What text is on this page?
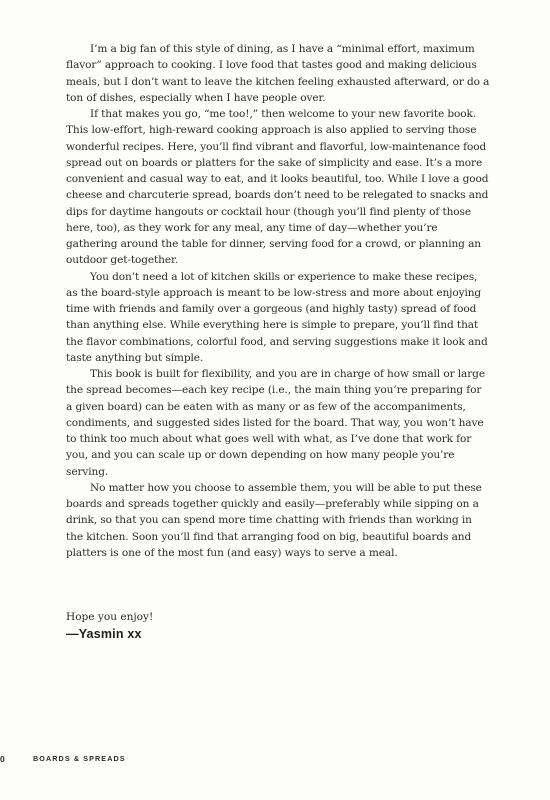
I’m a big fan of this style of dining, as I have a “minimal effort, maximum flavor” approach to cooking. I love food that tastes good and making delicious meals, but I don’t want to leave the kitchen feeling exhausted afterward, or do a ton of dishes, especially when I have people over.

If that makes you go, “me too!,” then welcome to your new favorite book. This low-effort, high-reward cooking approach is also applied to serving those wonderful recipes. Here, you’ll find vibrant and flavorful, low-maintenance food spread out on boards or platters for the sake of simplicity and ease. It’s a more convenient and casual way to eat, and it looks beautiful, too. While I love a good cheese and charcuterie spread, boards don’t need to be relegated to snacks and dips for daytime hangouts or cocktail hour (though you’ll find plenty of those here, too), as they work for any meal, any time of day—whether you’re gathering around the table for dinner, serving food for a crowd, or planning an outdoor get-together.

You don’t need a lot of kitchen skills or experience to make these recipes, as the board-style approach is meant to be low-stress and more about enjoying time with friends and family over a gorgeous (and highly tasty) spread of food than anything else. While everything here is simple to prepare, you’ll find that the flavor combinations, colorful food, and serving suggestions make it look and taste anything but simple.

This book is built for flexibility, and you are in charge of how small or large the spread becomes—each key recipe (i.e., the main thing you’re preparing for a given board) can be eaten with as many or as few of the accompaniments, condiments, and suggested sides listed for the board. That way, you won’t have to think too much about what goes well with what, as I’ve done that work for you, and you can scale up or down depending on how many people you’re serving.

No matter how you choose to assemble them, you will be able to put these boards and spreads together quickly and easily—preferably while sipping on a drink, so that you can spend more time chatting with friends than working in the kitchen. Soon you’ll find that arranging food on big, beautiful boards and platters is one of the most fun (and easy) ways to serve a meal.

Hope you enjoy!
—Yasmin xx
0	BOARDS & SPREADS
